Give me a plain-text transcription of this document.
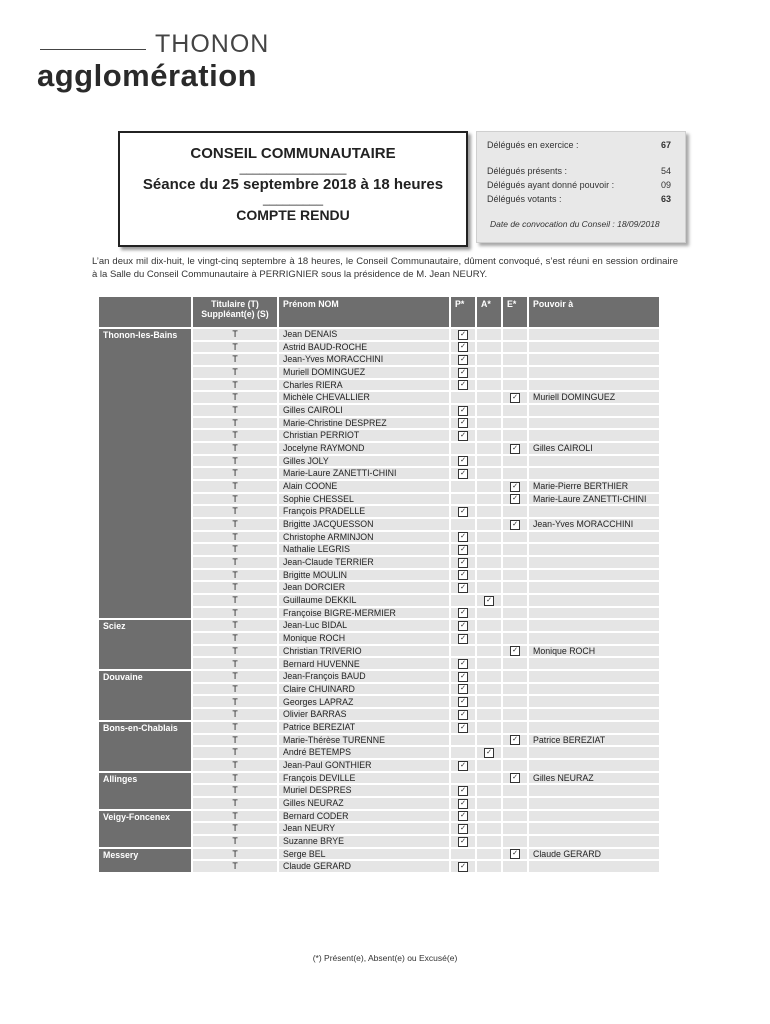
THONON
agglomération
CONSEIL COMMUNAUTAIRE
________________
Séance du 25 septembre 2018 à 18 heures
_________
COMPTE RENDU
Délégués en exercice :	67
Délégués présents :	54
Délégués ayant donné pouvoir :	09
Délégués votants :	63
Date de convocation du Conseil : 18/09/2018
L’an deux mil dix-huit, le vingt-cinq septembre à 18 heures, le Conseil Communautaire, dûment convoqué, s’est réuni en session ordinaire à la Salle du Conseil Communautaire à PERRIGNIER sous la présidence de M. Jean NEURY.
	Titulaire (T) Suppléant(e) (S)	Prénom NOM	P*	A*	E*	Pouvoir à
Thonon-les-Bains	T	Jean DENAIS	✓			
	T	Astrid BAUD-ROCHE	✓			
	T	Jean-Yves MORACCHINI	✓			
	T	Muriell DOMINGUEZ	✓			
	T	Charles RIERA	✓			
	T	Michèle CHEVALLIER			✓	Muriell DOMINGUEZ
	T	Gilles CAIROLI	✓			
	T	Marie-Christine DESPREZ	✓			
	T	Christian PERRIOT	✓			
	T	Jocelyne RAYMOND			✓	Gilles CAIROLI
	T	Gilles JOLY	✓			
	T	Marie-Laure ZANETTI-CHINI	✓			
	T	Alain COONE			✓	Marie-Pierre BERTHIER
	T	Sophie CHESSEL			✓	Marie-Laure ZANETTI-CHINI
	T	François PRADELLE	✓			
	T	Brigitte JACQUESSON			✓	Jean-Yves MORACCHINI
	T	Christophe ARMINJON	✓			
	T	Nathalie LEGRIS	✓			
	T	Jean-Claude TERRIER	✓			
	T	Brigitte MOULIN	✓			
	T	Jean DORCIER	✓			
	T	Guillaume DEKKIL		✓		
	T	Françoise BIGRE-MERMIER	✓			
Sciez	T	Jean-Luc BIDAL	✓			
	T	Monique ROCH	✓			
	T	Christian TRIVERIO			✓	Monique ROCH
	T	Bernard HUVENNE	✓			
Douvaine	T	Jean-François BAUD	✓			
	T	Claire CHUINARD	✓			
	T	Georges LAPRAZ	✓			
	T	Olivier BARRAS	✓			
Bons-en-Chablais	T	Patrice BEREZIAT	✓			
	T	Marie-Thérèse TURENNE			✓	Patrice BEREZIAT
	T	André BETEMPS		✓		
	T	Jean-Paul GONTHIER	✓			
Allinges	T	François DEVILLE			✓	Gilles NEURAZ
	T	Muriel DESPRES	✓			
	T	Gilles NEURAZ	✓			
Veigy-Foncenex	T	Bernard CODER	✓			
	T	Jean NEURY	✓			
	T	Suzanne BRYE	✓			
Messery	T	Serge BEL			✓	Claude GERARD
	T	Claude GERARD	✓			
(*) Présent(e), Absent(e) ou Excusé(e)
